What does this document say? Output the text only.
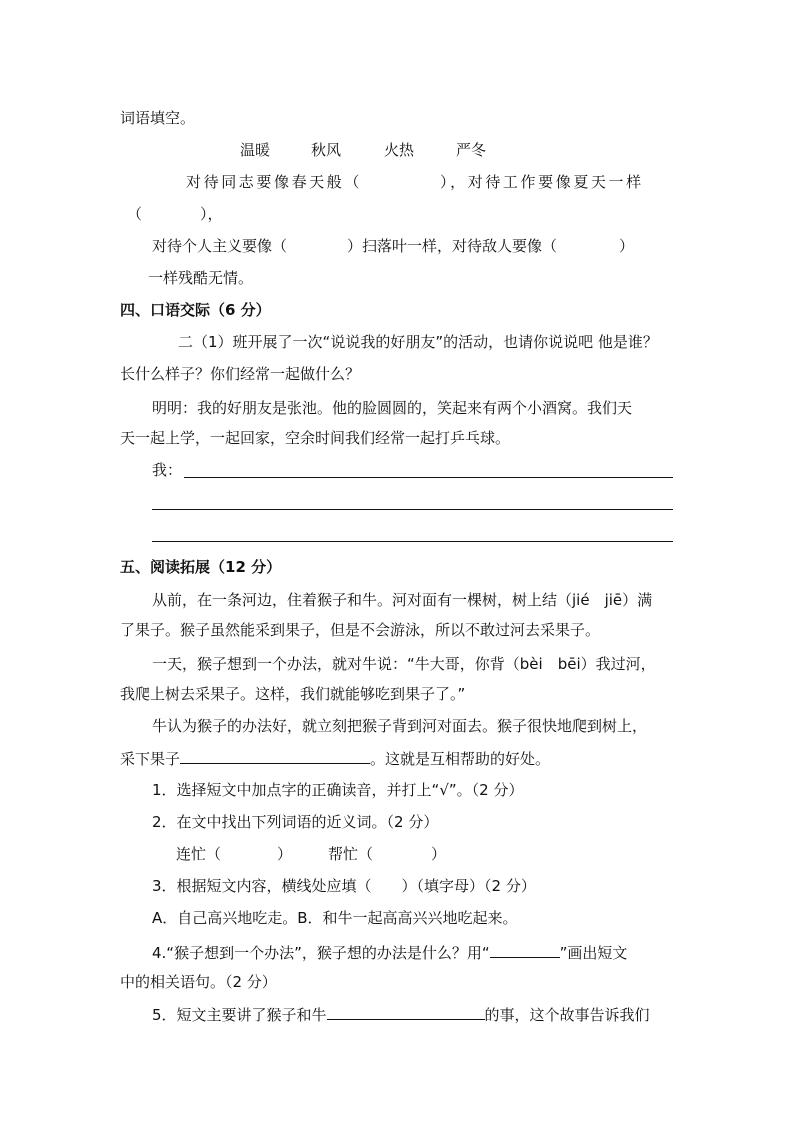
词语填空。
温暖	秋风	火热	严冬
对待同志要像春天般（	），对待工作要像夏天一样
（	），
对待个人主义要像（	）扫落叶一样，对待敌人要像（	）
一样残酷无情。
四、口语交际（6 分）
二（1）班开展了一次“说说我的好朋友”的活动，也请你说说吧 他是谁？
长什么样子？你们经常一起做什么？
明明：我的好朋友是张池。他的脸圆圆的，笑起来有两个小酒窝。我们天
天一起上学，一起回家，空余时间我们经常一起打乒乓球。
我：
五、阅读拓展（12 分）
从前，在一条河边，住着猴子和牛。河对面有一棵树，树上结（jié　jiē）满
了果子。猴子虽然能采到果子，但是不会游泳，所以不敢过河去采果子。
一天，猴子想到一个办法，就对牛说：“牛大哥，你背（bèi　bēi）我过河，
我爬上树去采果子。这样，我们就能够吃到果子了。”
牛认为猴子的办法好，就立刻把猴子背到河对面去。猴子很快地爬到树上，
采下果子	。这就是互相帮助的好处。
1．选择短文中加点字的正确读音，并打上“√”。（2 分）
2．在文中找出下列词语的近义词。（2 分）
连忙（	） 帮忙（	）
3．根据短文内容，横线处应填（ ）（填字母）（2 分）
A．自己高兴地吃走。B．和牛一起高高兴兴地吃起来。
4.“猴子想到一个办法”，猴子想的办法是什么？用“	”画出短文
中的相关语句。（2 分）
5．短文主要讲了猴子和牛	的事，这个故事告诉我们
